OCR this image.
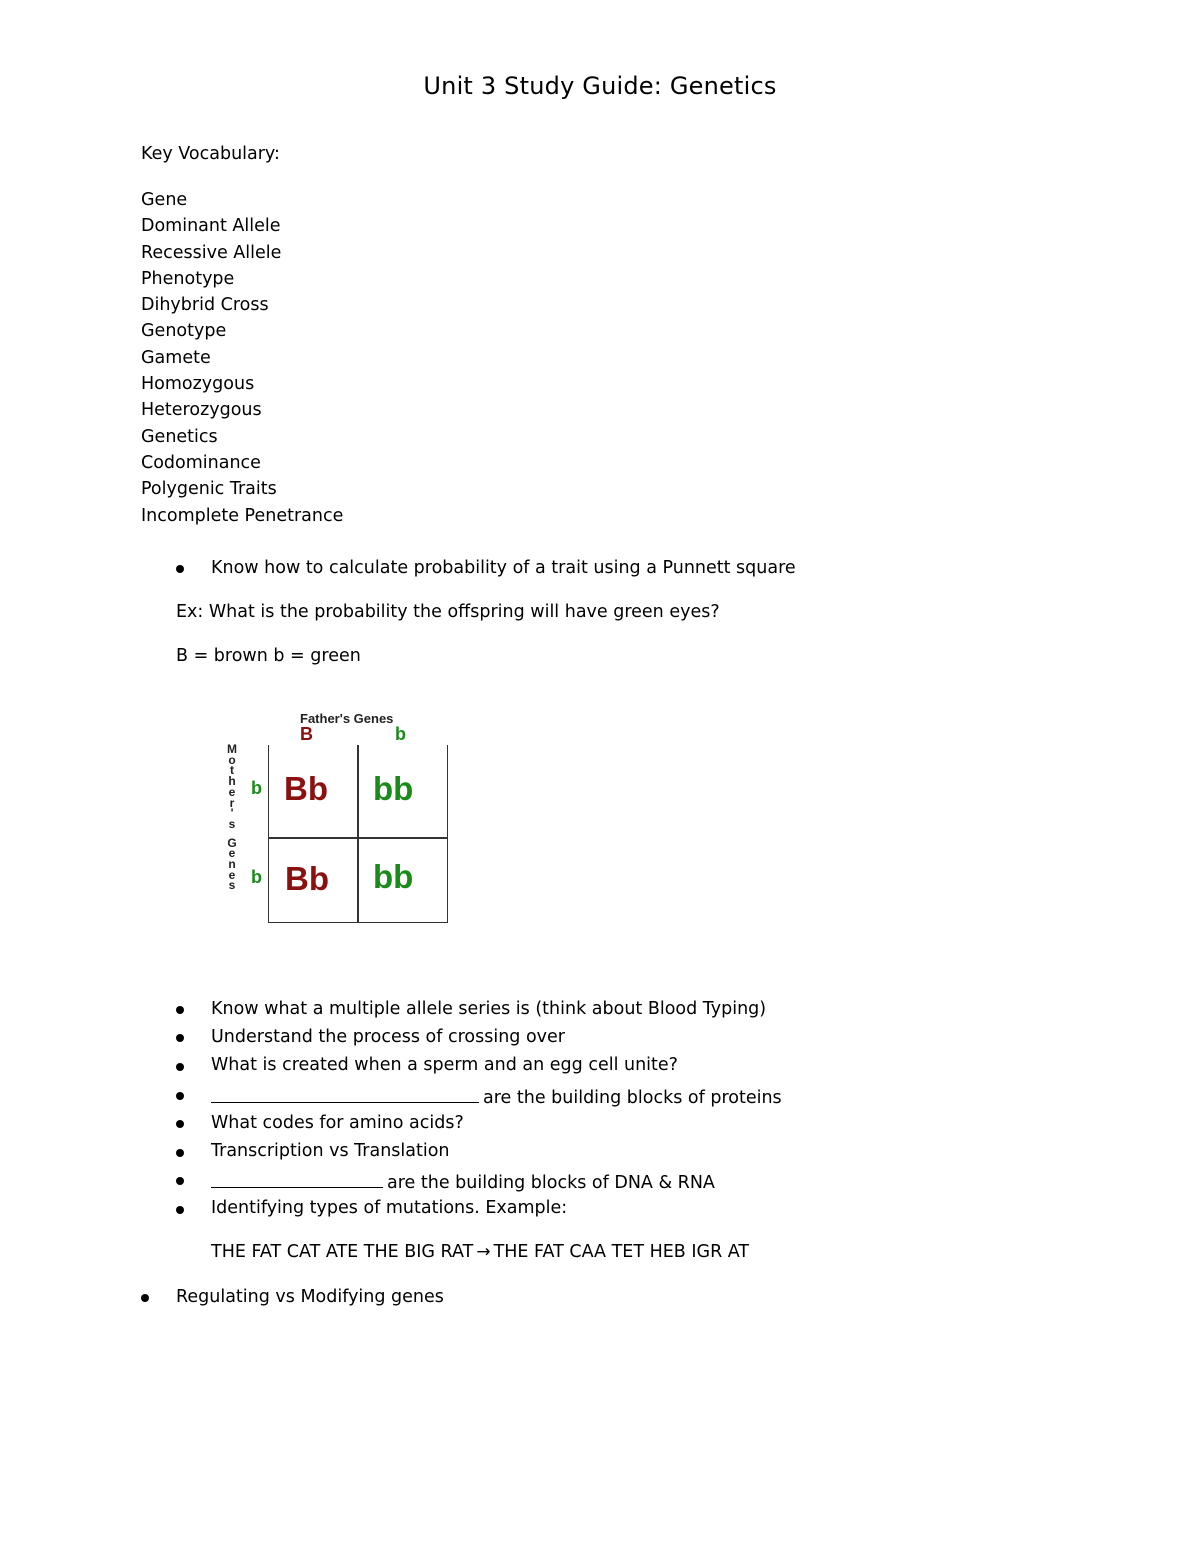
Unit 3 Study Guide: Genetics
Key Vocabulary:
Gene
Dominant Allele
Recessive Allele
Phenotype
Dihybrid Cross
Genotype
Gamete
Homozygous
Heterozygous
Genetics
Codominance
Polygenic Traits
Incomplete Penetrance
Know how to calculate probability of a trait using a Punnett square
Ex: What is the probability the offspring will have green eyes?
B = brown b = green
Father's Genes
B	b
M
o
t
h
e
r
'
s
G
e
n
e
s
b
b
Bb bb
Bb bb
Know what a multiple allele series is (think about Blood Typing)
Understand the process of crossing over
What is created when a sperm and an egg cell unite?
are the building blocks of proteins
What codes for amino acids?
Transcription vs Translation
are the building blocks of DNA & RNA
Identifying types of mutations. Example:
THE FAT CAT ATE THE BIG RAT → THE FAT CAA TET HEB IGR AT
Regulating vs Modifying genes
